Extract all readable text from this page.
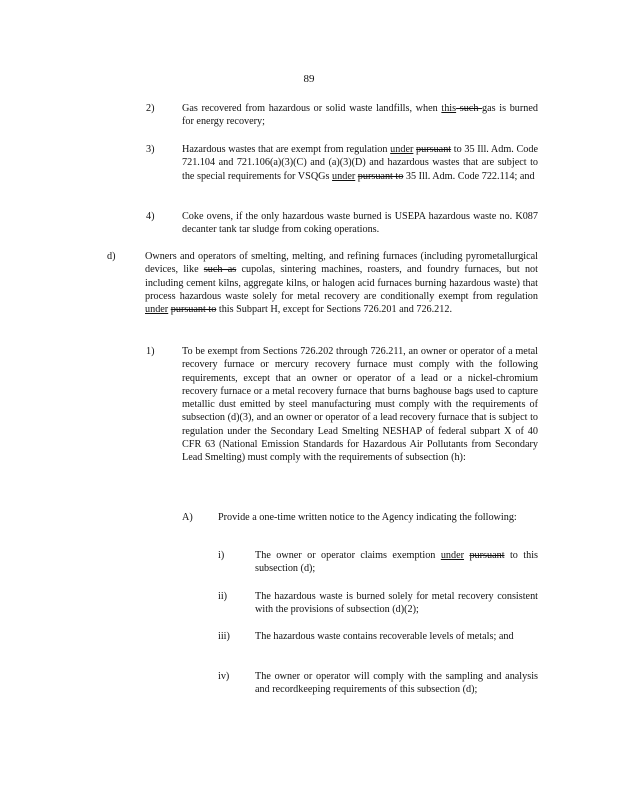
89
2)	Gas recovered from hazardous or solid waste landfills, when this such gas is burned for energy recovery;
3)	Hazardous wastes that are exempt from regulation under pursuant to 35 Ill. Adm. Code 721.104 and 721.106(a)(3)(C) and (a)(3)(D) and hazardous wastes that are subject to the special requirements for VSQGs under pursuant to 35 Ill. Adm. Code 722.114; and
4)	Coke ovens, if the only hazardous waste burned is USEPA hazardous waste no. K087 decanter tank tar sludge from coking operations.
d)	Owners and operators of smelting, melting, and refining furnaces (including pyrometallurgical devices, like such as cupolas, sintering machines, roasters, and foundry furnaces, but not including cement kilns, aggregate kilns, or halogen acid furnaces burning hazardous waste) that process hazardous waste solely for metal recovery are conditionally exempt from regulation under pursuant to this Subpart H, except for Sections 726.201 and 726.212.
1)	To be exempt from Sections 726.202 through 726.211, an owner or operator of a metal recovery furnace or mercury recovery furnace must comply with the following requirements, except that an owner or operator of a lead or a nickel-chromium recovery furnace or a metal recovery furnace that burns baghouse bags used to capture metallic dust emitted by steel manufacturing must comply with the requirements of subsection (d)(3), and an owner or operator of a lead recovery furnace that is subject to regulation under the Secondary Lead Smelting NESHAP of federal subpart X of 40 CFR 63 (National Emission Standards for Hazardous Air Pollutants from Secondary Lead Smelting) must comply with the requirements of subsection (h):
A) Provide a one-time written notice to the Agency indicating the following:
i)	The owner or operator claims exemption under pursuant to this subsection (d);
ii)	The hazardous waste is burned solely for metal recovery consistent with the provisions of subsection (d)(2);
iii) The hazardous waste contains recoverable levels of metals; and
iv)	The owner or operator will comply with the sampling and analysis and recordkeeping requirements of this subsection (d);
